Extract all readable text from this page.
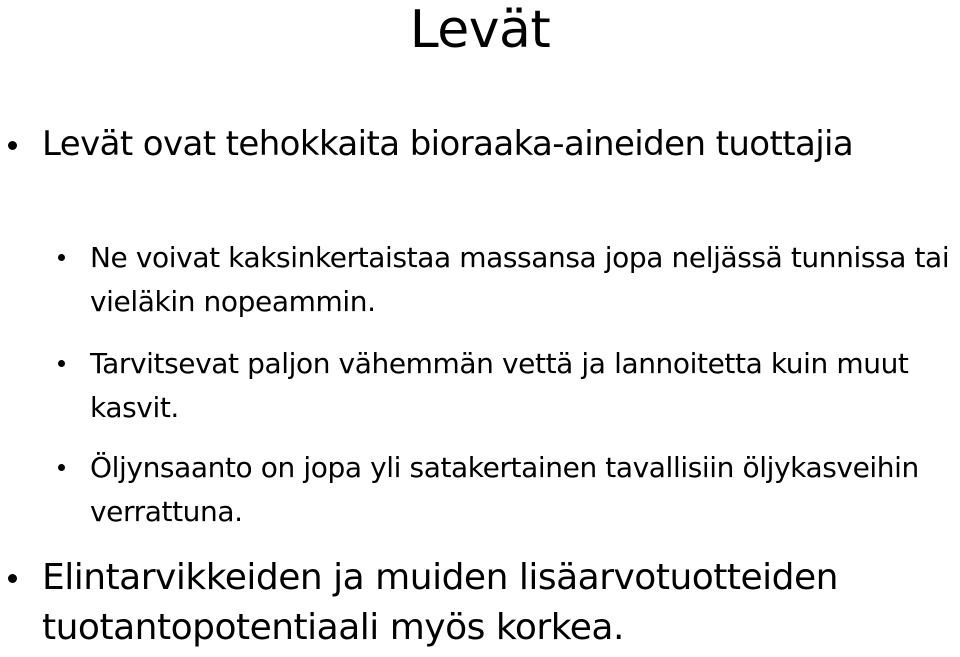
Levät
Levät ovat tehokkaita bioraaka-aineiden tuottajia
Ne voivat kaksinkertaistaa massansa jopa neljässä tunnissa tai vieläkin nopeammin.
Tarvitsevat paljon vähemmän vettä ja lannoitetta kuin muut kasvit.
Öljynsaanto on jopa yli satakertainen tavallisiin öljykasveihin verrattuna.
Elintarvikkeiden ja muiden lisäarvotuotteiden tuotantopotentiaali myös korkea.
